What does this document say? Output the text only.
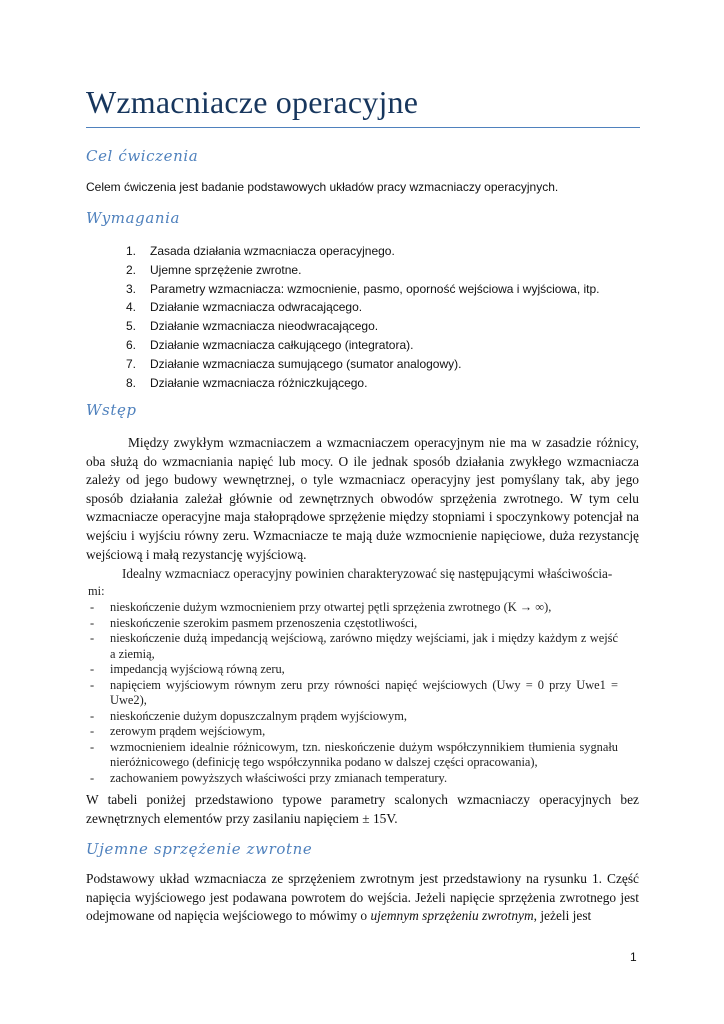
Wzmacniacze operacyjne
Cel ćwiczenia
Celem ćwiczenia jest badanie podstawowych układów pracy wzmacniaczy operacyjnych.
Wymagania
1. Zasada działania wzmacniacza operacyjnego.
2. Ujemne sprzężenie zwrotne.
3. Parametry wzmacniacza: wzmocnienie, pasmo, oporność wejściowa i wyjściowa, itp.
4. Działanie wzmacniacza odwracającego.
5. Działanie wzmacniacza nieodwracającego.
6. Działanie wzmacniacza całkującego (integratora).
7. Działanie wzmacniacza sumującego (sumator analogowy).
8. Działanie wzmacniacza różniczkującego.
Wstęp
Między zwykłym wzmacniaczem a wzmacniaczem operacyjnym nie ma w zasadzie różnicy, oba służą do wzmacniania napięć lub mocy. O ile jednak sposób działania zwykłego wzmacniacza zależy od jego budowy wewnętrznej, o tyle wzmacniacz operacyjny jest pomyślany tak, aby jego sposób działania zależał głównie od zewnętrznych obwodów sprzężenia zwrotnego. W tym celu wzmacniacze operacyjne maja stałoprądowe sprzężenie między stopniami i spoczynkowy potencjał na wejściu i wyjściu równy zeru. Wzmacniacze te mają duże wzmocnienie napięciowe, duża rezystancję wejściową i małą rezystancję wyjściową.
Idealny wzmacniacz operacyjny powinien charakteryzować się następującymi właściwościa-
mi:
- nieskończenie dużym wzmocnieniem przy otwartej pętli sprzężenia zwrotnego (K → ∞),
- nieskończenie szerokim pasmem przenoszenia częstotliwości,
- nieskończenie dużą impedancją wejściową, zarówno między wejściami, jak i między każdym z wejść a ziemią,
- impedancją wyjściową równą zeru,
- napięciem wyjściowym równym zeru przy równości napięć wejściowych (Uwy = 0 przy Uwe1 = Uwe2),
- nieskończenie dużym dopuszczalnym prądem wyjściowym,
- zerowym prądem wejściowym,
- wzmocnieniem idealnie różnicowym, tzn. nieskończenie dużym współczynnikiem tłumienia sygnału nieróżnicowego (definicję tego współczynnika podano w dalszej części opracowania),
- zachowaniem powyższych właściwości przy zmianach temperatury.
W tabeli poniżej przedstawiono typowe parametry scalonych wzmacniaczy operacyjnych bez zewnętrznych elementów przy zasilaniu napięciem ± 15V.
Ujemne sprzężenie zwrotne
Podstawowy układ wzmacniacza ze sprzężeniem zwrotnym jest przedstawiony na rysunku 1. Część napięcia wyjściowego jest podawana powrotem do wejścia. Jeżeli napięcie sprzężenia zwrotnego jest odejmowane od napięcia wejściowego to mówimy o ujemnym sprzężeniu zwrotnym, jeżeli jest
1
